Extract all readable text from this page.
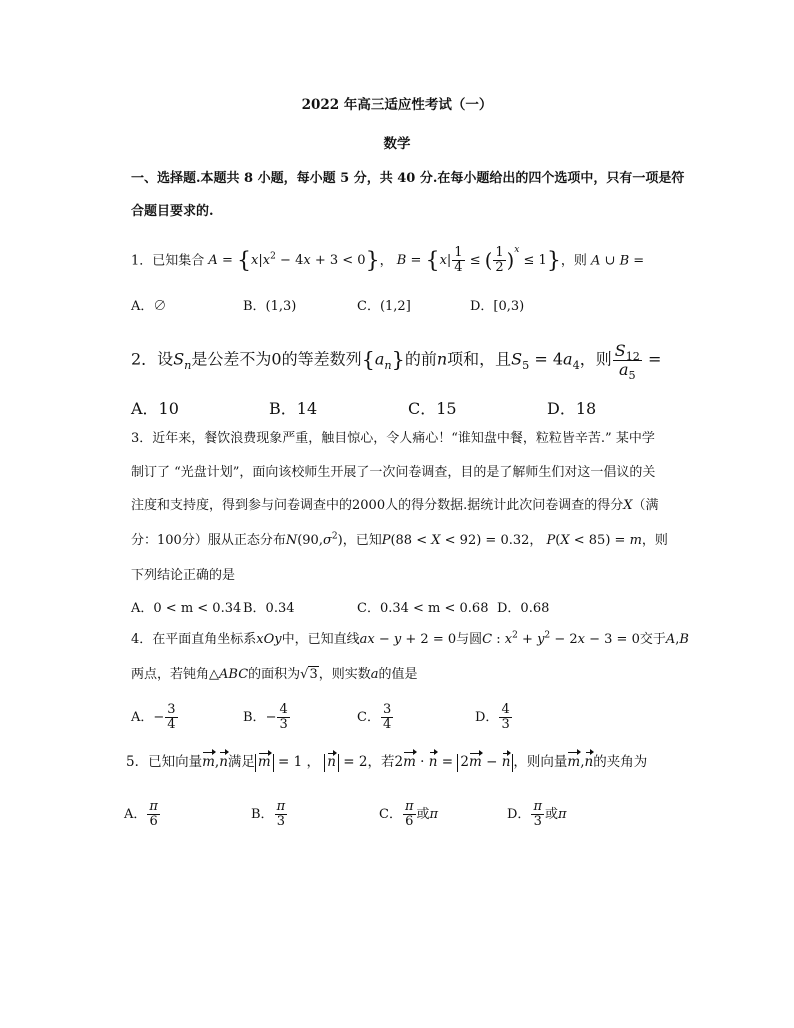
2022 年高三适应性考试（一）
数学
一、选择题.本题共 8 小题，每小题 5 分，共 40 分.在每小题给出的四个选项中，只有一项是符
合题目要求的.
1．已知集合 $A = \{x|x^2 - 4x + 3 < 0\}$， $B = \{x| \frac{1}{4}$ ≤ ( $\frac{1}{2} )^x \le 1$}，则 A ∪ B =
A．∅	B．(1,3)	C．(1,2]	D．[0,3)
2．设$S_n$是公差不为0的等差数列$\{a_n\}$的前n项和，且$S_5 = 4a_4$，则 $\frac{S_{12}}{a_5}$ =
A．10	B．14	C．15	D．18
3．近年来，餐饮浪费现象严重，触目惊心，令人痛心！“谁知盘中餐，粒粒皆辛苦.” 某中学
制订了 “光盘计划”，面向该校师生开展了一次问卷调查，目的是了解师生们对这一倡议的关
注度和支持度，得到参与问卷调查中的2000人的得分数据.据统计此次问卷调查的得分X（满
分：100分）服从正态分布$N(90,\sigma^2)$，已知P(88 < X < 92) = 0.32， P(X < 85) = m，则
下列结论正确的是
A．0 < m < 0.34 B．0.34	C．0.34 < m < 0.68 D．0.68
4．在平面直角坐标系xOy中，已知直线ax − y + 2 = 0与圆C : $x^2 + y^2 - 2x - 3 = 0$交于A,B
两点，若钝角△ABC的面积为√3，则实数a的值是
A．− $\frac{3}{4}$	B．− $\frac{4}{3}$	C． $\frac{3}{4}$	D． $\frac{4}{3}$
5．已知向量m,n满足 m = 1 ， n = 2，若2m · n = 2m − n ，则向量m,n的夹角为
A． $\frac{\pi}{6}$	B． $\frac{\pi}{3}$	C． $\frac{\pi}{6}$ 或π	D． $\frac{\pi}{3}$ 或π
